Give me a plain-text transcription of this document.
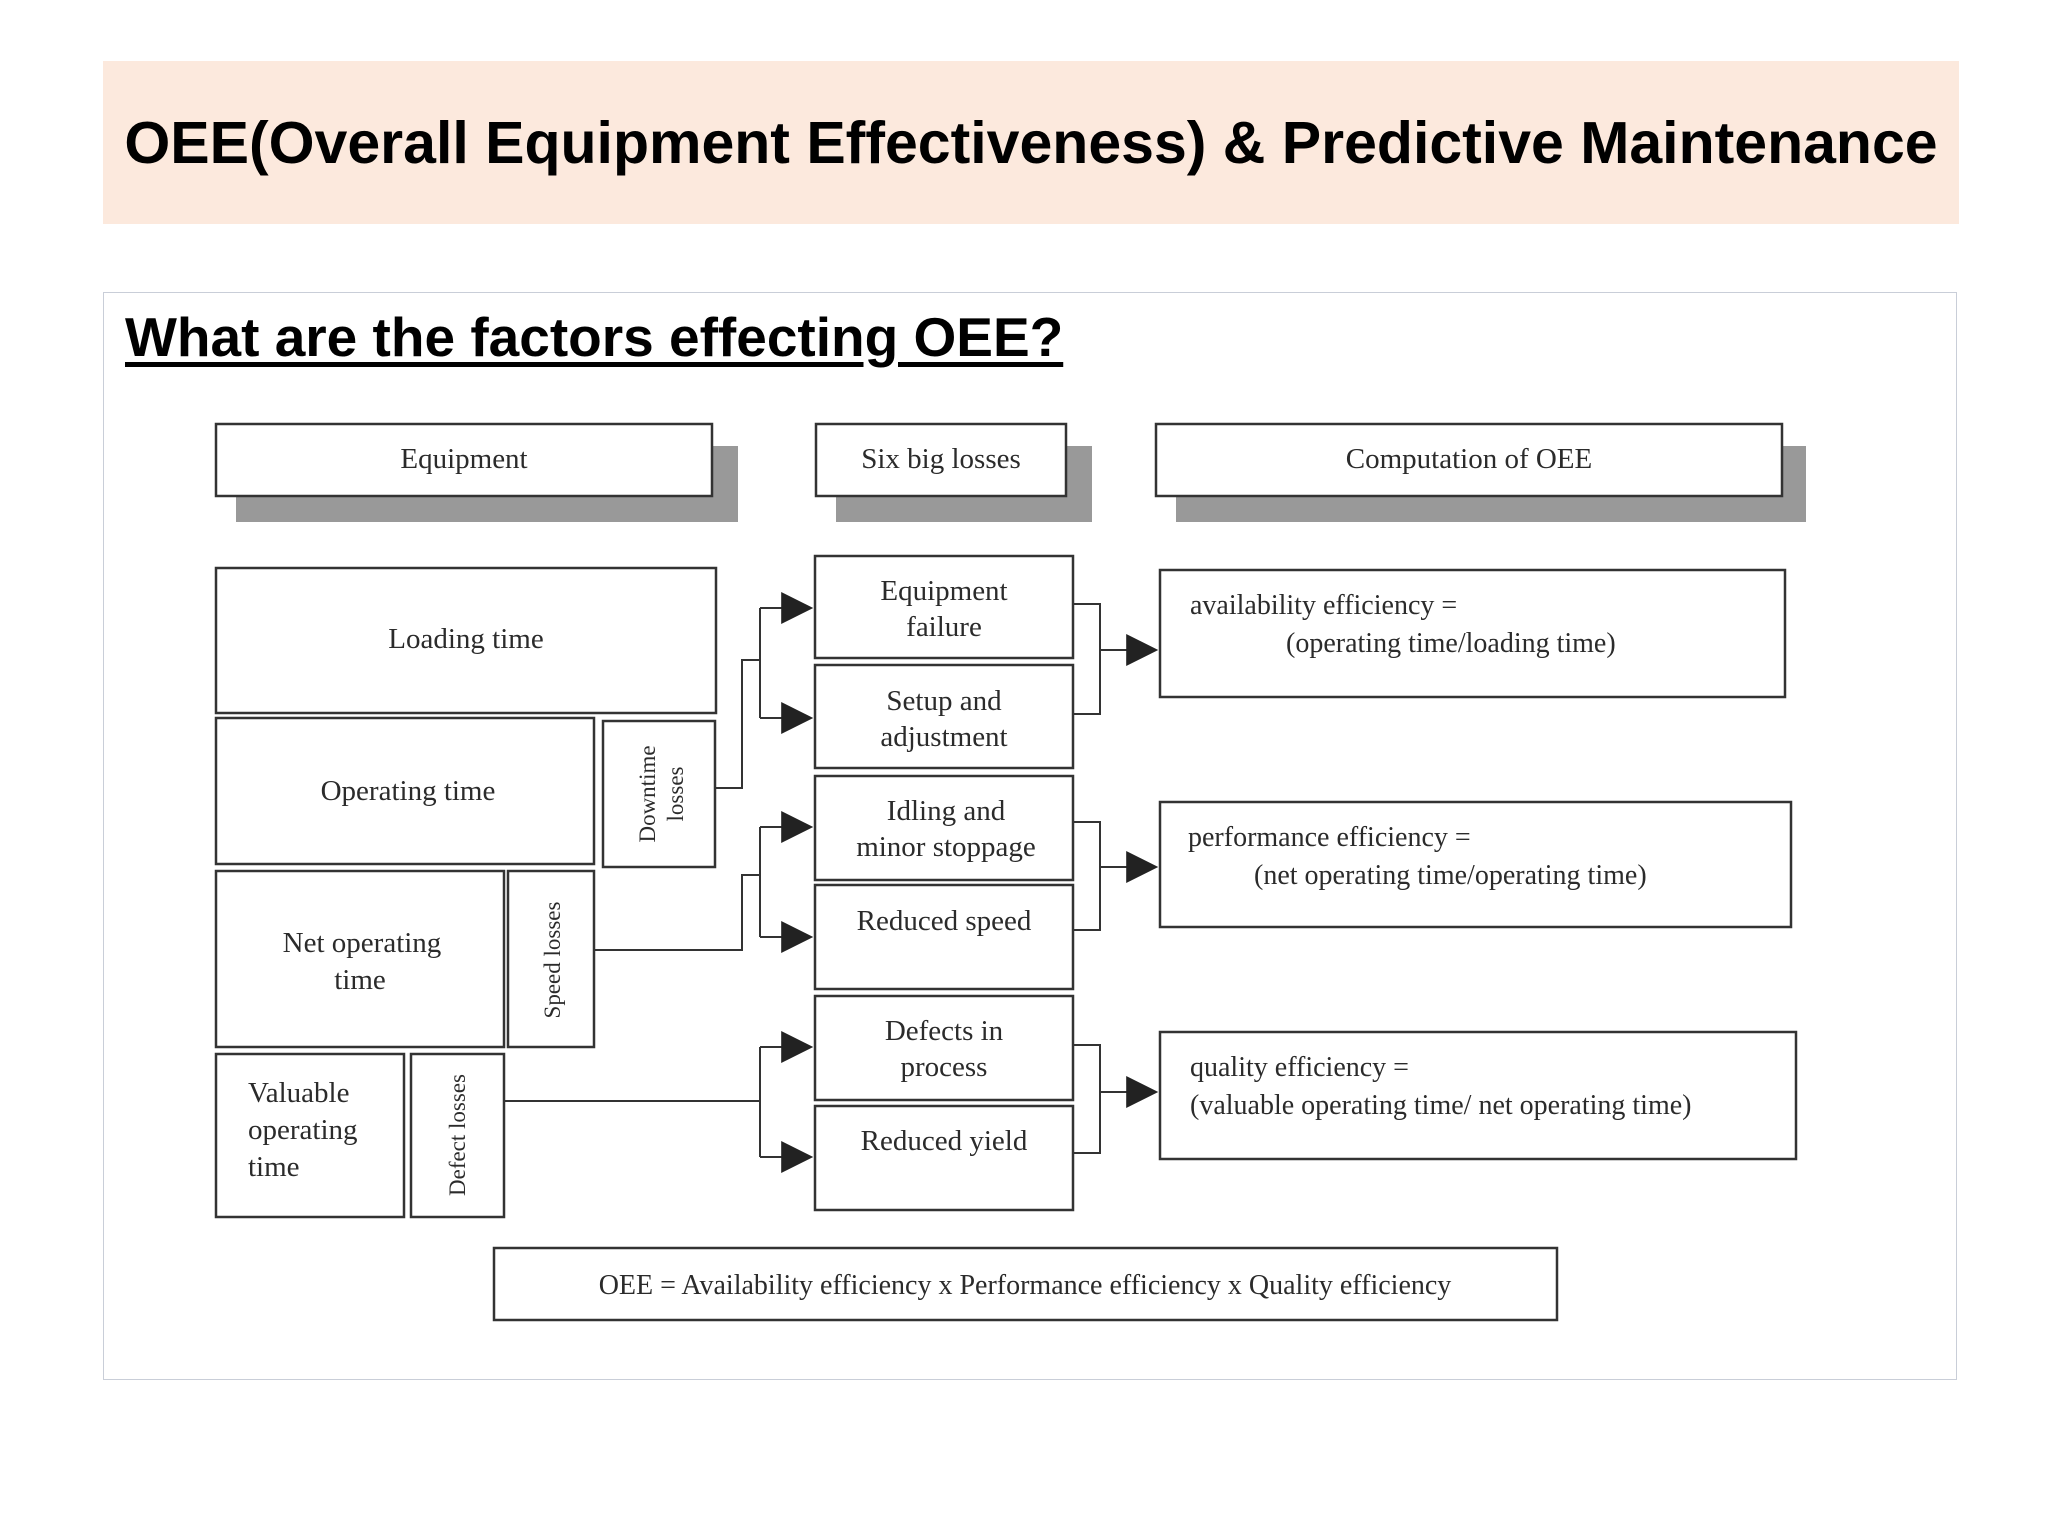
OEE(Overall Equipment Effectiveness) & Predictive Maintenance
What are the factors effecting OEE?
Equipment	Six big losses	Computation of OEE
Loading time
Operating time
Net operating
time
Valuable
operating
time
Downtime losses
Speed losses
Defect losses
Equipment
failure
Setup and
adjustment
Idling and
minor stoppage
Reduced speed
Defects in
process
Reduced yield
availability efficiency =
(operating time/loading time)
performance efficiency =
(net operating time/operating time)
quality efficiency =
(valuable operating time/ net operating time)
OEE = Availability efficiency x Performance efficiency x Quality efficiency
